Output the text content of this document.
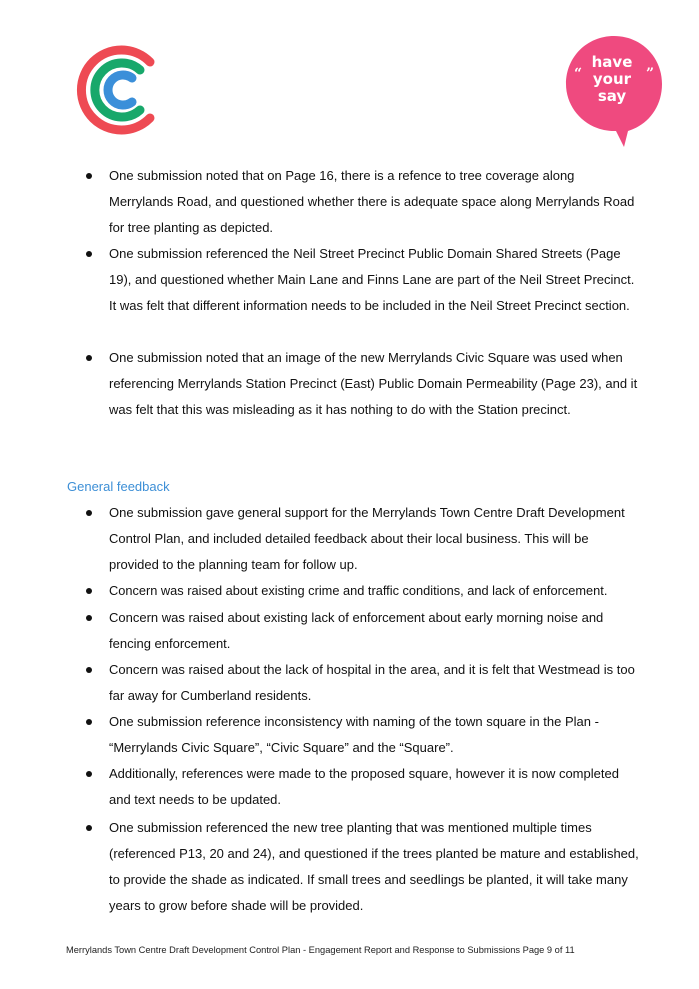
have
your
say
“	”
One submission noted that on Page 16, there is a refence to tree coverage along Merrylands Road, and questioned whether there is adequate space along Merrylands Road for tree planting as depicted.
One submission referenced the Neil Street Precinct Public Domain Shared Streets (Page 19), and questioned whether Main Lane and Finns Lane are part of the Neil Street Precinct. It was felt that different information needs to be included in the Neil Street Precinct section.
One submission noted that an image of the new Merrylands Civic Square was used when referencing Merrylands Station Precinct (East) Public Domain Permeability (Page 23), and it was felt that this was misleading as it has nothing to do with the Station precinct.
General feedback
One submission gave general support for the Merrylands Town Centre Draft Development Control Plan, and included detailed feedback about their local business. This will be provided to the planning team for follow up.
Concern was raised about existing crime and traffic conditions, and lack of enforcement.
Concern was raised about existing lack of enforcement about early morning noise and fencing enforcement.
Concern was raised about the lack of hospital in the area, and it is felt that Westmead is too far away for Cumberland residents.
One submission reference inconsistency with naming of the town square in the Plan - “Merrylands Civic Square”, “Civic Square” and the “Square”.
Additionally, references were made to the proposed square, however it is now completed and text needs to be updated.
One submission referenced the new tree planting that was mentioned multiple times (referenced P13, 20 and 24), and questioned if the trees planted be mature and established, to provide the shade as indicated. If small trees and seedlings be planted, it will take many years to grow before shade will be provided.
Merrylands Town Centre Draft Development Control Plan - Engagement Report and Response to Submissions Page 9 of 11
